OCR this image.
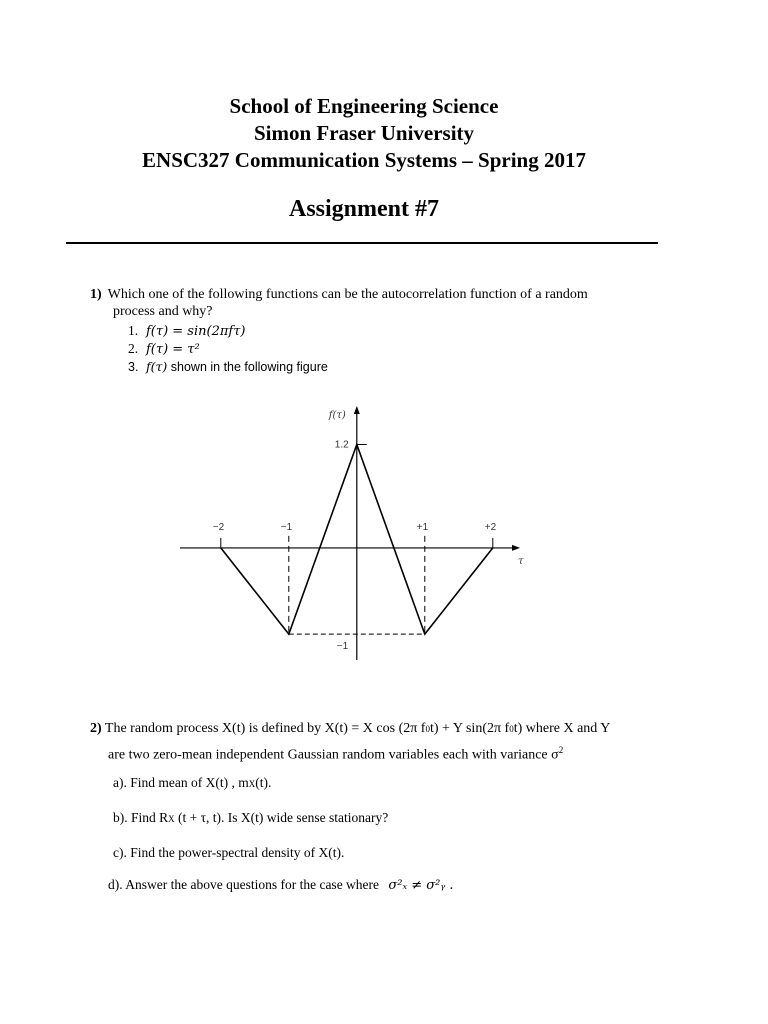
School of Engineering Science
Simon Fraser University
ENSC327 Communication Systems – Spring 2017
Assignment #7
1) Which one of the following functions can be the autocorrelation function of a random
process and why?
1. f(τ) = sin(2πfτ)
2. f(τ) = τ²
3. f(τ) shown in the following figure
f(τ)
τ
1.2
−1
−2	−1	+1	+2
2) The random process X(t) is defined by X(t) = X cos (2π f0t) + Y sin(2π f0t) where X and Y
are two zero-mean independent Gaussian random variables each with variance $\sigma^2$
a). Find mean of X(t) , mX(t).
b). Find RX (t + τ, t). Is X(t) wide sense stationary?
c). Find the power-spectral density of X(t).
d). Answer the above questions for the case where σ²ₓ ≠ σ²ᵧ .
